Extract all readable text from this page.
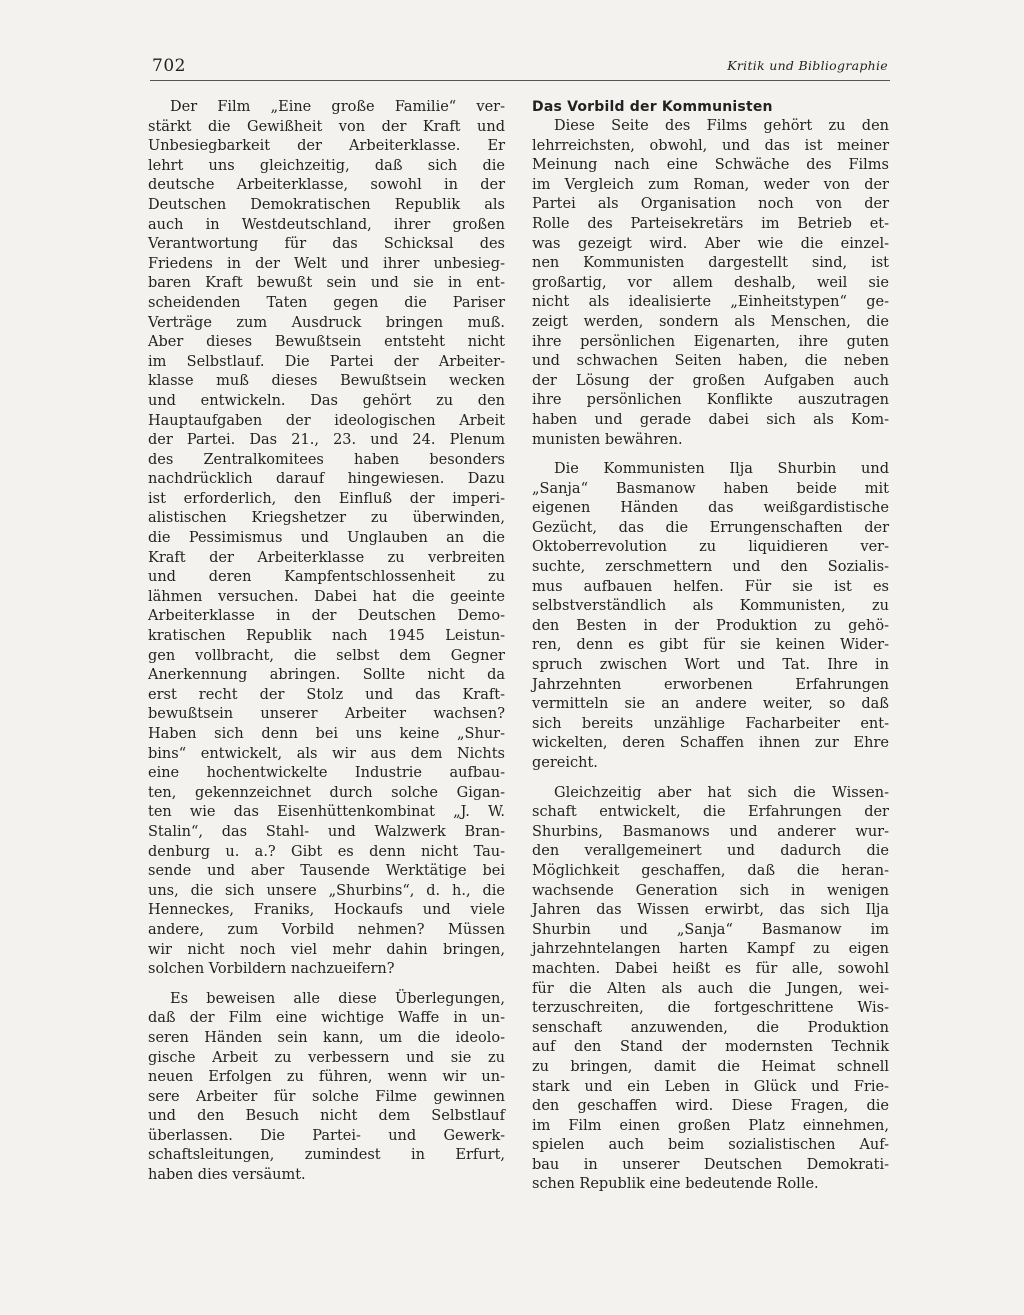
702	Kritik und Bibliographie
Der Film „Eine große Familie“ ver-
stärkt die Gewißheit von der Kraft und
Unbesiegbarkeit der Arbeiterklasse. Er
lehrt uns gleichzeitig, daß sich die
deutsche Arbeiterklasse, sowohl in der
Deutschen Demokratischen Republik als
auch in Westdeutschland, ihrer großen
Verantwortung für das Schicksal des
Friedens in der Welt und ihrer unbesieg-
baren Kraft bewußt sein und sie in ent-
scheidenden Taten gegen die Pariser
Verträge zum Ausdruck bringen muß.
Aber dieses Bewußtsein entsteht nicht
im Selbstlauf. Die Partei der Arbeiter-
klasse muß dieses Bewußtsein wecken
und entwickeln. Das gehört zu den
Hauptaufgaben der ideologischen Arbeit
der Partei. Das 21., 23. und 24. Plenum
des Zentralkomitees haben besonders
nachdrücklich darauf hingewiesen. Dazu
ist erforderlich, den Einfluß der imperi-
alistischen Kriegshetzer zu überwinden,
die Pessimismus und Unglauben an die
Kraft der Arbeiterklasse zu verbreiten
und deren Kampfentschlossenheit zu
lähmen versuchen. Dabei hat die geeinte
Arbeiterklasse in der Deutschen Demo-
kratischen Republik nach 1945 Leistun-
gen vollbracht, die selbst dem Gegner
Anerkennung abringen. Sollte nicht da
erst recht der Stolz und das Kraft-
bewußtsein unserer Arbeiter wachsen?
Haben sich denn bei uns keine „Shur-
bins“ entwickelt, als wir aus dem Nichts
eine hochentwickelte Industrie aufbau-
ten, gekennzeichnet durch solche Gigan-
ten wie das Eisenhüttenkombinat „J. W.
Stalin“, das Stahl- und Walzwerk Bran-
denburg u. a.? Gibt es denn nicht Tau-
sende und aber Tausende Werktätige bei
uns, die sich unsere „Shurbins“, d. h., die
Henneckes, Franiks, Hockaufs und viele
andere, zum Vorbild nehmen? Müssen
wir nicht noch viel mehr dahin bringen,
solchen Vorbildern nachzueifern?
Es beweisen alle diese Überlegungen,
daß der Film eine wichtige Waffe in un-
seren Händen sein kann, um die ideolo-
gische Arbeit zu verbessern und sie zu
neuen Erfolgen zu führen, wenn wir un-
sere Arbeiter für solche Filme gewinnen
und den Besuch nicht dem Selbstlauf
überlassen. Die Partei- und Gewerk-
schaftsleitungen, zumindest in Erfurt,
haben dies versäumt.
Das Vorbild der Kommunisten
Diese Seite des Films gehört zu den
lehrreichsten, obwohl, und das ist meiner
Meinung nach eine Schwäche des Films
im Vergleich zum Roman, weder von der
Partei als Organisation noch von der
Rolle des Parteisekretärs im Betrieb et-
was gezeigt wird. Aber wie die einzel-
nen Kommunisten dargestellt sind, ist
großartig, vor allem deshalb, weil sie
nicht als idealisierte „Einheitstypen“ ge-
zeigt werden, sondern als Menschen, die
ihre persönlichen Eigenarten, ihre guten
und schwachen Seiten haben, die neben
der Lösung der großen Aufgaben auch
ihre persönlichen Konflikte auszutragen
haben und gerade dabei sich als Kom-
munisten bewähren.
Die Kommunisten Ilja Shurbin und
„Sanja“ Basmanow haben beide mit
eigenen Händen das weißgardistische
Gezücht, das die Errungenschaften der
Oktoberrevolution zu liquidieren ver-
suchte, zerschmettern und den Sozialis-
mus aufbauen helfen. Für sie ist es
selbstverständlich als Kommunisten, zu
den Besten in der Produktion zu gehö-
ren, denn es gibt für sie keinen Wider-
spruch zwischen Wort und Tat. Ihre in
Jahrzehnten erworbenen Erfahrungen
vermitteln sie an andere weiter, so daß
sich bereits unzählige Facharbeiter ent-
wickelten, deren Schaffen ihnen zur Ehre
gereicht.
Gleichzeitig aber hat sich die Wissen-
schaft entwickelt, die Erfahrungen der
Shurbins, Basmanows und anderer wur-
den verallgemeinert und dadurch die
Möglichkeit geschaffen, daß die heran-
wachsende Generation sich in wenigen
Jahren das Wissen erwirbt, das sich Ilja
Shurbin und „Sanja“ Basmanow im
jahrzehntelangen harten Kampf zu eigen
machten. Dabei heißt es für alle, sowohl
für die Alten als auch die Jungen, wei-
terzuschreiten, die fortgeschrittene Wis-
senschaft anzuwenden, die Produktion
auf den Stand der modernsten Technik
zu bringen, damit die Heimat schnell
stark und ein Leben in Glück und Frie-
den geschaffen wird. Diese Fragen, die
im Film einen großen Platz einnehmen,
spielen auch beim sozialistischen Auf-
bau in unserer Deutschen Demokrati-
schen Republik eine bedeutende Rolle.
